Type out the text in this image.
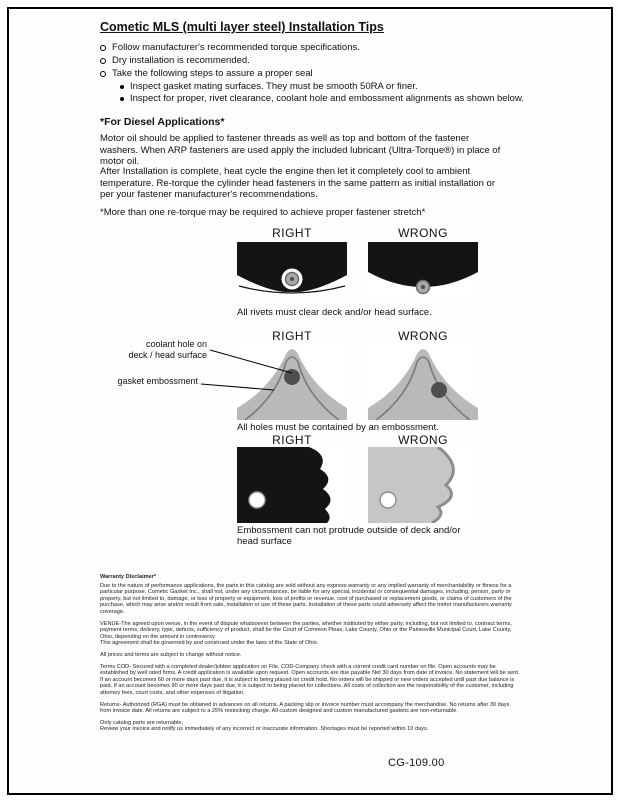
Cometic MLS (multi layer steel) Installation Tips
Follow manufacturer's recommended torque specifications.
Dry installation is recommended.
Take the following steps to assure a proper seal
Inspect gasket mating surfaces. They must be smooth 50RA or finer.
Inspect for proper, rivet clearance, coolant hole and embossment alignments as shown below.
*For Diesel Applications*
Motor oil should be applied to fastener threads as well as top and bottom of the fastener washers. When ARP fasteners are used apply the included lubricant (Ultra-Torque®) in place of motor oil.
After Installation is complete, heat cycle the engine then let it completely cool to ambient temperature. Re-torque the cylinder head fasteners in the same pattern as initial installation or per your fastener manufacturer's recommendations.
*More than one re-torque may be required to achieve proper fastener stretch*
RIGHT	WRONG
All rivets must clear deck and/or head surface.
RIGHT	WRONG
coolant hole on
deck / head surface
gasket embossment
All holes must be contained by an embossment.
RIGHT	WRONG
Embossment can not protrude outside of deck and/or head surface

Warranty Disclaimer*

Due to the nature of performance applications, the parts in this catalog are sold without any express warranty or any implied warranty of merchantability or fitness for a particular purpose. Cometic Gasket Inc., shall not, under any circumstances, be liable for any special, incidental or consequential damages, including, person, party or property, but not limited to, damage, or loss of property or equipment, loss of profits or revenue, cost of purchased or replacement goods, or claims of customers of the purchase, which may arise and/or result from sale, installation or use of these parts. Installation of these parts could adversely affect the motor manufacturers warranty coverage.

VENUE-The agreed upon venue, in the event of dispute whatsoever between the parties, whether instituted by either party, including, but not limited to, contract terms, payment terms, delivery, type, defects, sufficiency of product, shall be the Court of Common Pleas, Lake County, Ohio or the Painesville Municipal Court, Lake County, Ohio, depending on the amount in controversy.

This agreement shall be governed by and construed under the laws of the State of Ohio.

All prices and terms are subject to change without notice.

Terms COD- Secured with a completed dealer/jobber application on File, COD-Company check with a current credit card number on file. Open accounts may be established by well rated firms. A credit application is available upon request. Open accounts are due payable Net 30 days from date of invoice. No statement will be sent. If an account becomes 60 or more days past due, it is subject to being placed on credit hold. No orders will be shipped or new orders accepted until past due balance is paid. If an account becomes 90 or more days past due, it is subject to being placed for collections. All costs of collection are the responsibility of the customer, including attorney fees, court costs, and other expenses of litigation.

Returns- Authorized (RGA) must be obtained in advances on all returns. A packing slip or invoice number must accompany the merchandise. No returns after 30 days from invoice date. All returns are subject to a 25% restocking charge. All custom designed and custom manufactured gaskets are non-returnable.

Only catalog parts are returnable.

Review your invoice and notify us immediately of any incorrect or inaccurate information. Shortages must be reported within 10 days.

CG-109.00
